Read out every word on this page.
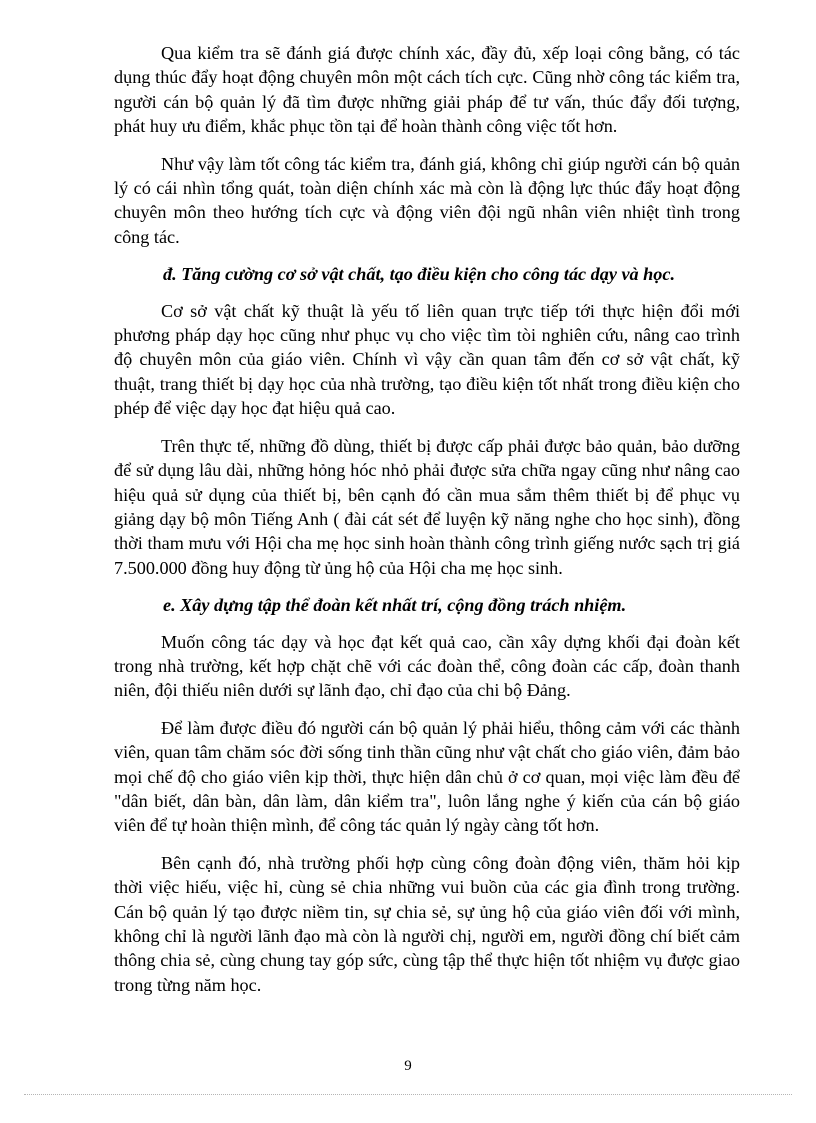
Qua kiểm tra sẽ đánh giá được chính xác, đầy đủ, xếp loại công bằng, có tác dụng thúc đẩy hoạt động chuyên môn một cách tích cực. Cũng nhờ công tác kiểm tra, người cán bộ quản lý đã tìm được những giải pháp để tư vấn, thúc đẩy đối tượng, phát huy ưu điểm, khắc phục tồn tại để hoàn thành công việc tốt hơn.

Như vậy làm tốt công tác kiểm tra, đánh giá, không chỉ giúp người cán bộ quản lý có cái nhìn tổng quát, toàn diện chính xác mà còn là động lực thúc đẩy hoạt động chuyên môn theo hướng tích cực và động viên đội ngũ nhân viên nhiệt tình trong công tác.

đ. Tăng cường cơ sở vật chất, tạo điều kiện cho công tác dạy và học.

Cơ sở vật chất kỹ thuật là yếu tố liên quan trực tiếp tới thực hiện đổi mới phương pháp dạy học cũng như phục vụ cho việc tìm tòi nghiên cứu, nâng cao trình độ chuyên môn của giáo viên. Chính vì vậy cần quan tâm đến cơ sở vật chất, kỹ thuật, trang thiết bị dạy học của nhà trường, tạo điều kiện tốt nhất trong điều kiện cho phép để việc dạy học đạt hiệu quả cao.

Trên thực tế, những đồ dùng, thiết bị được cấp phải được bảo quản, bảo dưỡng để sử dụng lâu dài, những hỏng hóc nhỏ phải được sửa chữa ngay cũng như nâng cao hiệu quả sử dụng của thiết bị, bên cạnh đó cần mua sắm thêm thiết bị để phục vụ giảng dạy bộ môn Tiếng Anh ( đài cát sét để luyện kỹ năng nghe cho học sinh), đồng thời tham mưu với Hội cha mẹ học sinh hoàn thành công trình giếng nước sạch trị giá 7.500.000 đồng huy động từ ủng hộ của Hội cha mẹ học sinh.

e. Xây dựng tập thể đoàn kết nhất trí, cộng đồng trách nhiệm.

Muốn công tác dạy và học đạt kết quả cao, cần xây dựng khối đại đoàn kết trong nhà trường, kết hợp chặt chẽ với các đoàn thể, công đoàn các cấp, đoàn thanh niên, đội thiếu niên dưới sự lãnh đạo, chỉ đạo của chi bộ Đảng.

Để làm được điều đó người cán bộ quản lý phải hiểu, thông cảm với các thành viên, quan tâm chăm sóc đời sống tinh thần cũng như vật chất cho giáo viên, đảm bảo mọi chế độ cho giáo viên kịp thời, thực hiện dân chủ ở cơ quan, mọi việc làm đều để "dân biết, dân bàn, dân làm, dân kiểm tra", luôn lắng nghe ý kiến của cán bộ giáo viên để tự hoàn thiện mình, để công tác quản lý ngày càng tốt hơn.

Bên cạnh đó, nhà trường phối hợp cùng công đoàn động viên, thăm hỏi kịp thời việc hiếu, việc hỉ, cùng sẻ chia những vui buồn của các gia đình trong trường. Cán bộ quản lý tạo được niềm tin, sự chia sẻ, sự ủng hộ của giáo viên đối với mình, không chỉ là người lãnh đạo mà còn là người chị, người em, người đồng chí biết cảm thông chia sẻ, cùng chung tay góp sức, cùng tập thể thực hiện tốt nhiệm vụ được giao trong từng năm học.

9
